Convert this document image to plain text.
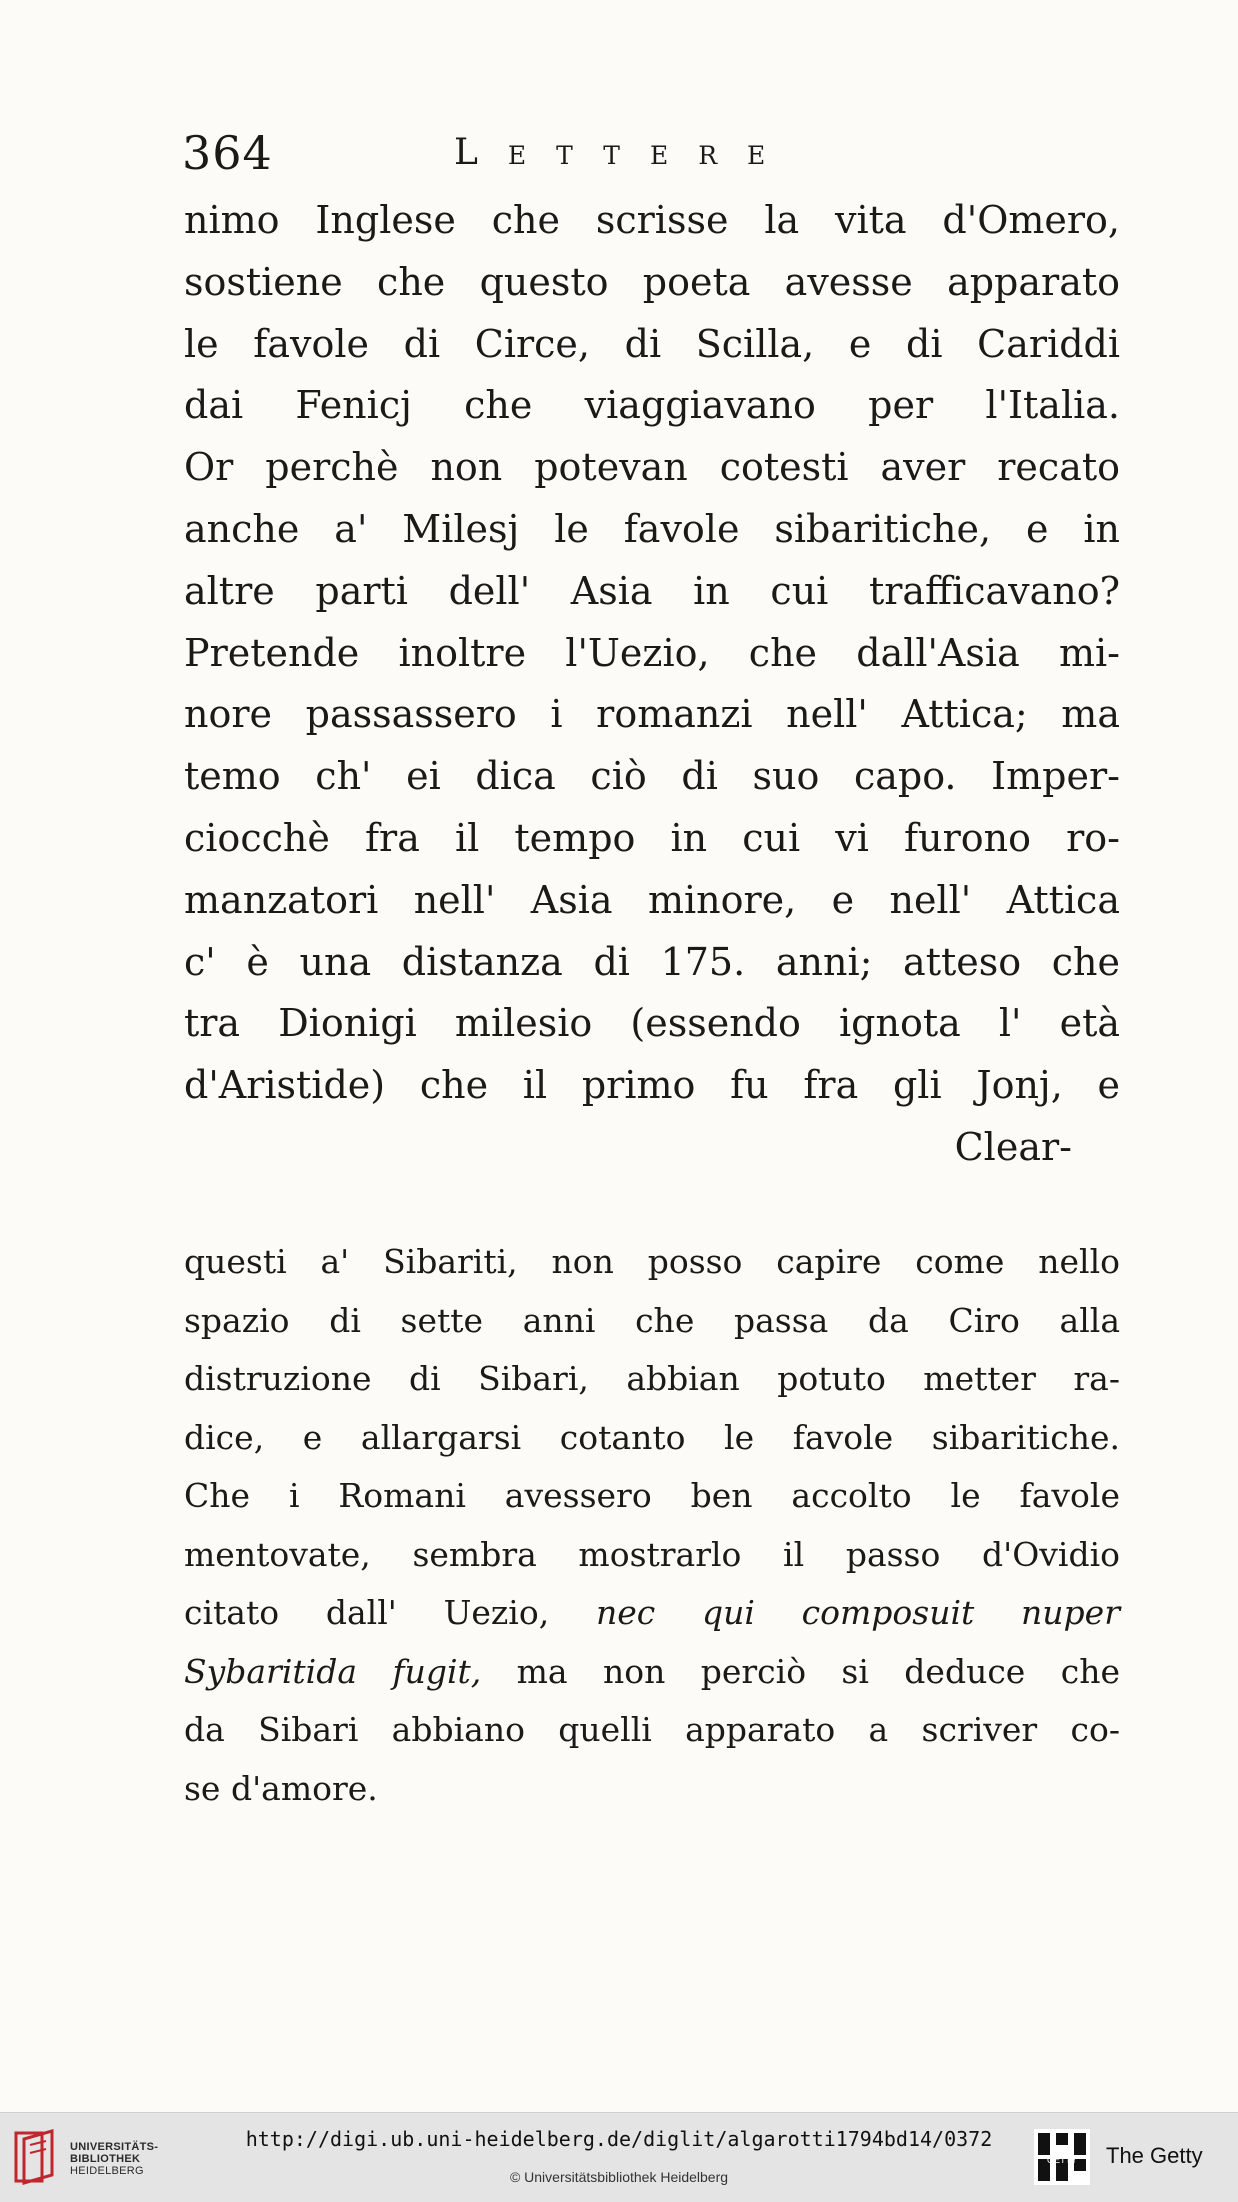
364	Lettere
nimo Inglese che scrisse la vita d'Omero,
sostiene che questo poeta avesse apparato
le favole di Circe, di Scilla, e di Cariddi
dai Fenicj che viaggiavano per l'Italia.
Or perchè non potevan cotesti aver recato
anche a' Milesj le favole sibaritiche, e in
altre parti dell' Asia in cui trafficavano?
Pretende inoltre l'Uezio, che dall'Asia mi-
nore passassero i romanzi nell' Attica; ma
temo ch' ei dica ciò di suo capo. Imper-
ciocchè fra il tempo in cui vi furono ro-
manzatori nell' Asia minore, e nell' Attica
c' è una distanza di 175. anni; atteso che
tra Dionigi milesio (essendo ignota l' età
d'Aristide) che il primo fu fra gli Jonj, e
Clear-
questi a' Sibariti, non posso capire come nello
spazio di sette anni che passa da Ciro alla
distruzione di Sibari, abbian potuto metter ra-
dice, e allargarsi cotanto le favole sibaritiche.
Che i Romani avessero ben accolto le favole
mentovate, sembra mostrarlo il passo d'Ovidio
citato dall' Uezio, nec qui composuit nuper
Sybaritida fugit, ma non perciò si deduce che
da Sibari abbiano quelli apparato a scriver co-
se d'amore.
UNIVERSITÄTS-
BIBLIOTHEK
HEIDELBERG
http://digi.ub.uni-heidelberg.de/diglit/algarotti1794bd14/0372
© Universitätsbibliothek Heidelberg
GETTY The Getty
